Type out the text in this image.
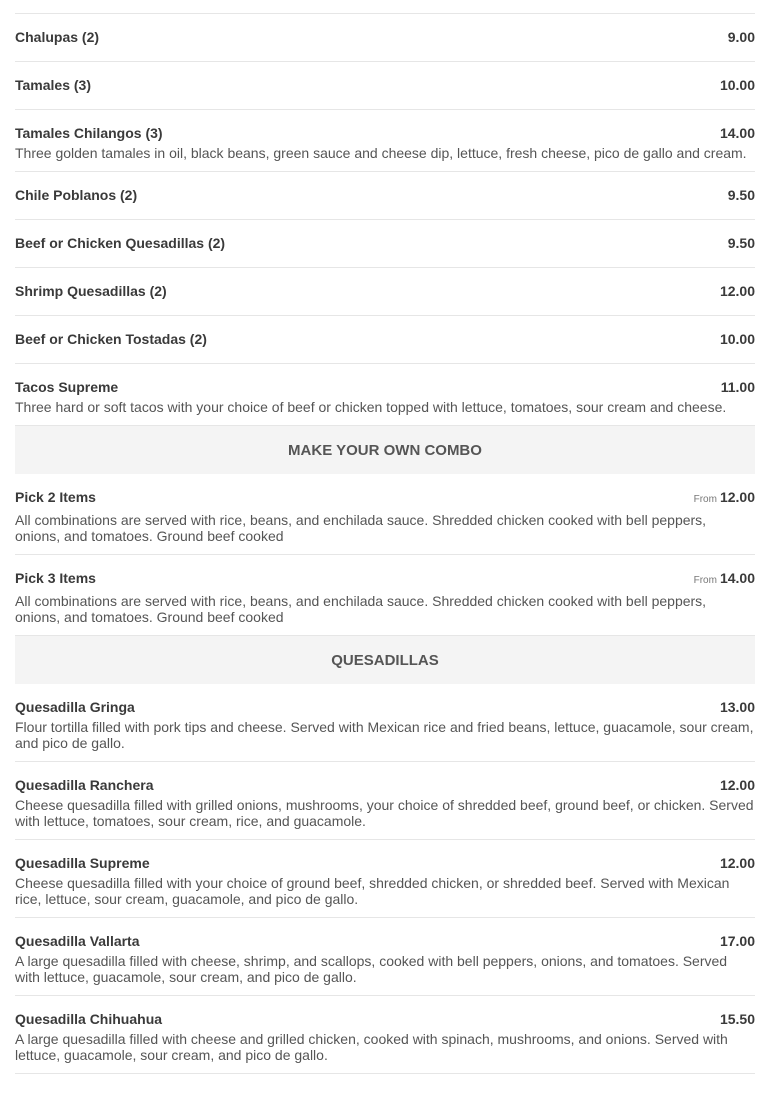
Chalupas (2)	9.00
Tamales (3)	10.00
Tamales Chilangos (3)	14.00
Three golden tamales in oil, black beans, green sauce and cheese dip, lettuce, fresh cheese, pico de gallo and cream.
Chile Poblanos (2)	9.50
Beef or Chicken Quesadillas (2)	9.50
Shrimp Quesadillas (2)	12.00
Beef or Chicken Tostadas (2)	10.00
Tacos Supreme	11.00
Three hard or soft tacos with your choice of beef or chicken topped with lettuce, tomatoes, sour cream and cheese.
MAKE YOUR OWN COMBO
Pick 2 Items	From 12.00
All combinations are served with rice, beans, and enchilada sauce. Shredded chicken cooked with bell peppers, onions, and tomatoes. Ground beef cooked
Pick 3 Items	From 14.00
All combinations are served with rice, beans, and enchilada sauce. Shredded chicken cooked with bell peppers, onions, and tomatoes. Ground beef cooked
QUESADILLAS
Quesadilla Gringa	13.00
Flour tortilla filled with pork tips and cheese. Served with Mexican rice and fried beans, lettuce, guacamole, sour cream, and pico de gallo.
Quesadilla Ranchera	12.00
Cheese quesadilla filled with grilled onions, mushrooms, your choice of shredded beef, ground beef, or chicken. Served with lettuce, tomatoes, sour cream, rice, and guacamole.
Quesadilla Supreme	12.00
Cheese quesadilla filled with your choice of ground beef, shredded chicken, or shredded beef. Served with Mexican rice, lettuce, sour cream, guacamole, and pico de gallo.
Quesadilla Vallarta	17.00
A large quesadilla filled with cheese, shrimp, and scallops, cooked with bell peppers, onions, and tomatoes. Served with lettuce, guacamole, sour cream, and pico de gallo.
Quesadilla Chihuahua	15.50
A large quesadilla filled with cheese and grilled chicken, cooked with spinach, mushrooms, and onions. Served with lettuce, guacamole, sour cream, and pico de gallo.
